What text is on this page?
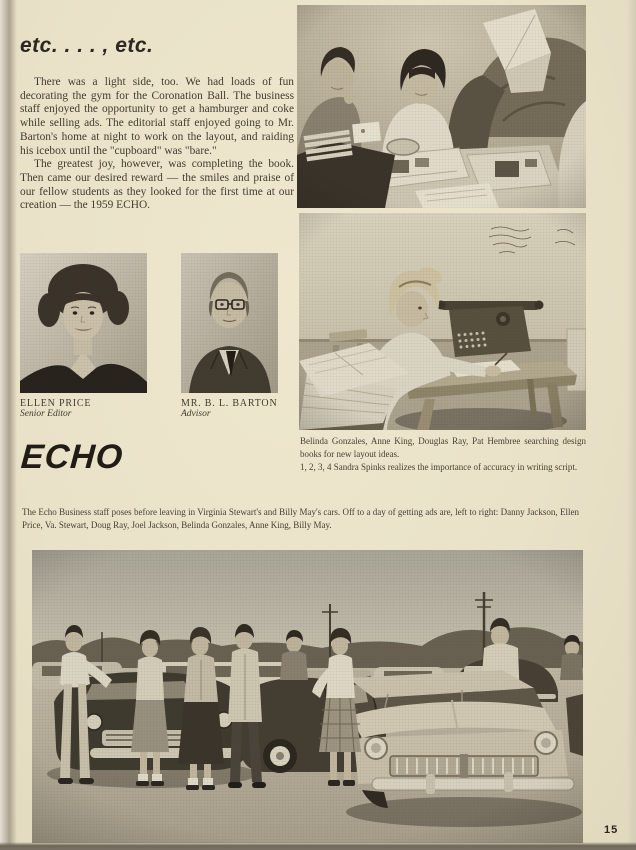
etc. . . . , etc.

There was a light side, too. We had loads of fun decorating the gym for the Coronation Ball. The business staff enjoyed the opportunity to get a hamburger and coke while selling ads. The editorial staff enjoyed going to Mr. Barton's home at night to work on the layout, and raiding his icebox until the "cupboard" was "bare."

The greatest joy, however, was completing the book. Then came our desired reward — the smiles and praise of our fellow students as they looked for the first time at our creation — the 1959 ECHO.

ELLEN PRICE
Senior Editor
MR. B. L. BARTON
Advisor
ECHO	Belinda Gonzales, Anne King, Douglas Ray, Pat Hembree searching design books for new layout ideas.
1, 2, 3, 4 Sandra Spinks realizes the importance of accuracy in writing script.
The Echo Business staff poses before leaving in Virginia Stewart's and Billy May's cars. Off to a day of getting ads are, left to right: Danny Jackson, Ellen Price, Va. Stewart, Doug Ray, Joel Jackson, Belinda Gonzales, Anne King, Billy May.
15
